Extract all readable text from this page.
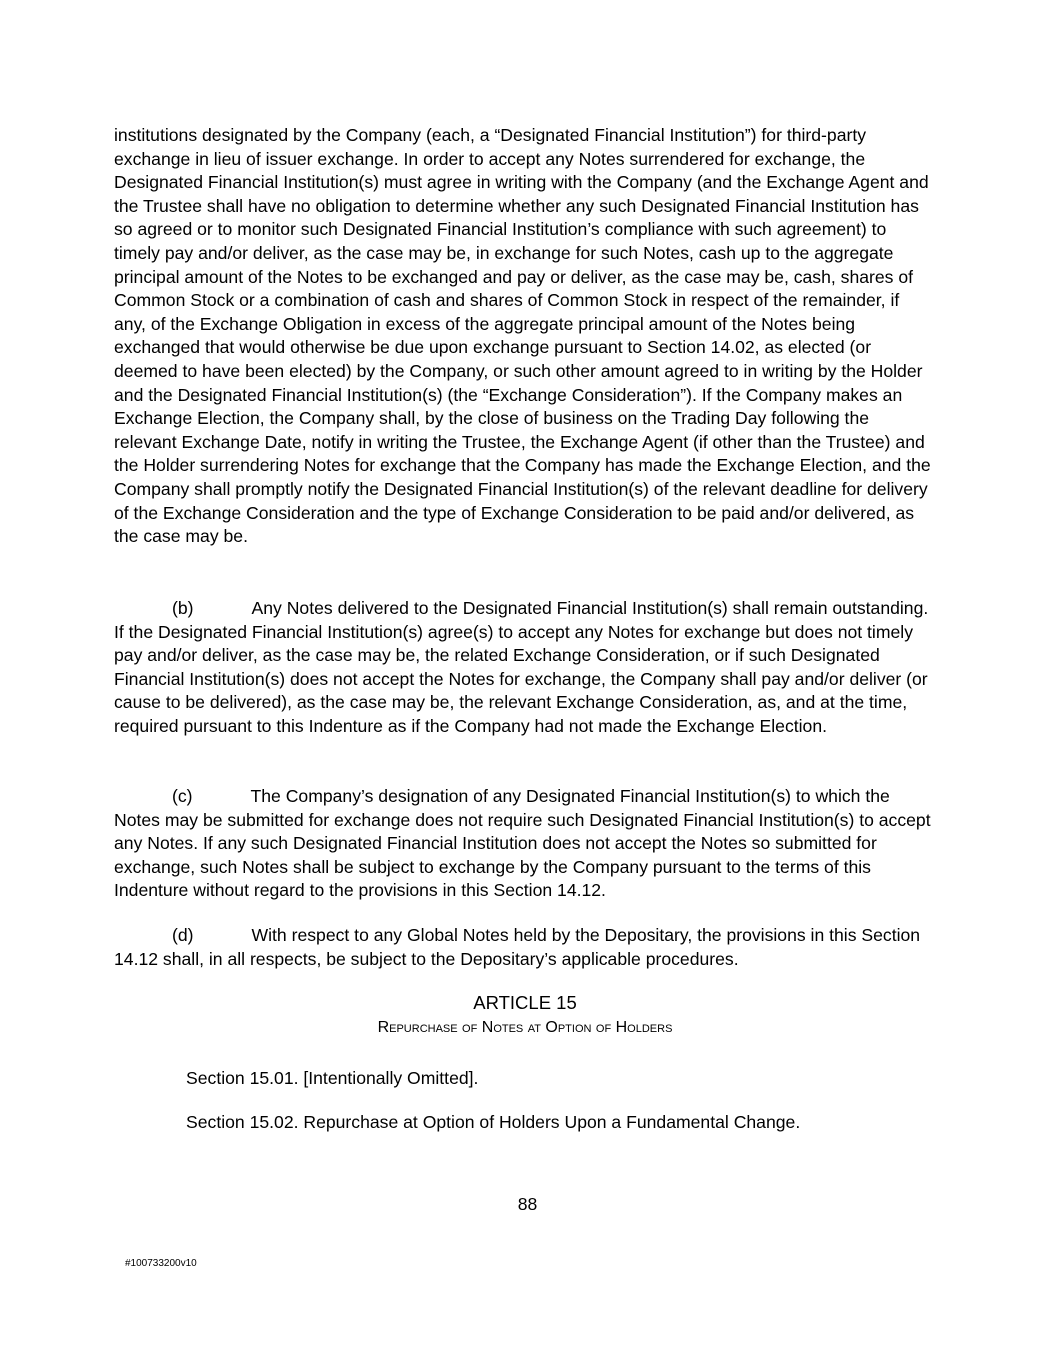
institutions designated by the Company (each, a “Designated Financial Institution”) for third-party exchange in lieu of issuer exchange. In order to accept any Notes surrendered for exchange, the Designated Financial Institution(s) must agree in writing with the Company (and the Exchange Agent and the Trustee shall have no obligation to determine whether any such Designated Financial Institution has so agreed or to monitor such Designated Financial Institution’s compliance with such agreement) to timely pay and/or deliver, as the case may be, in exchange for such Notes, cash up to the aggregate principal amount of the Notes to be exchanged and pay or deliver, as the case may be, cash, shares of Common Stock or a combination of cash and shares of Common Stock in respect of the remainder, if any, of the Exchange Obligation in excess of the aggregate principal amount of the Notes being exchanged that would otherwise be due upon exchange pursuant to Section 14.02, as elected (or deemed to have been elected) by the Company, or such other amount agreed to in writing by the Holder and the Designated Financial Institution(s) (the “Exchange Consideration”). If the Company makes an Exchange Election, the Company shall, by the close of business on the Trading Day following the relevant Exchange Date, notify in writing the Trustee, the Exchange Agent (if other than the Trustee) and the Holder surrendering Notes for exchange that the Company has made the Exchange Election, and the Company shall promptly notify the Designated Financial Institution(s) of the relevant deadline for delivery of the Exchange Consideration and the type of Exchange Consideration to be paid and/or delivered, as the case may be.

(b)	Any Notes delivered to the Designated Financial Institution(s) shall remain outstanding. If the Designated Financial Institution(s) agree(s) to accept any Notes for exchange but does not timely pay and/or deliver, as the case may be, the related Exchange Consideration, or if such Designated Financial Institution(s) does not accept the Notes for exchange, the Company shall pay and/or deliver (or cause to be delivered), as the case may be, the relevant Exchange Consideration, as, and at the time, required pursuant to this Indenture as if the Company had not made the Exchange Election.

(c)	The Company’s designation of any Designated Financial Institution(s) to which the Notes may be submitted for exchange does not require such Designated Financial Institution(s) to accept any Notes. If any such Designated Financial Institution does not accept the Notes so submitted for exchange, such Notes shall be subject to exchange by the Company pursuant to the terms of this Indenture without regard to the provisions in this Section 14.12.

(d)	With respect to any Global Notes held by the Depositary, the provisions in this Section 14.12 shall, in all respects, be subject to the Depositary’s applicable procedures.

ARTICLE 15

Repurchase of Notes at Option of Holders

Section 15.01. [Intentionally Omitted].

Section 15.02. Repurchase at Option of Holders Upon a Fundamental Change.

88

#100733200v10
